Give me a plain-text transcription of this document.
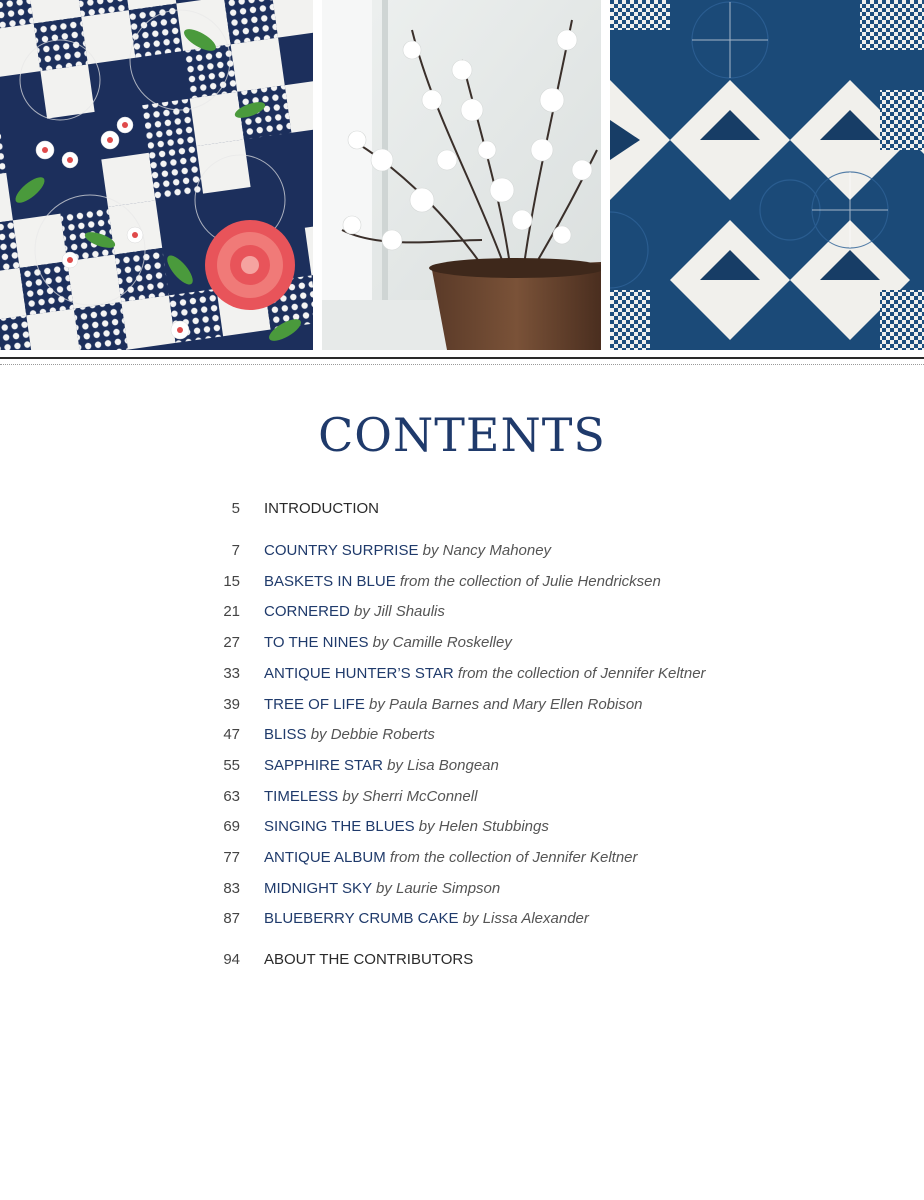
CONTENTS
5 INTRODUCTION
7 COUNTRY SURPRISE by Nancy Mahoney
15 BASKETS IN BLUE from the collection of Julie Hendricksen
21 CORNERED by Jill Shaulis
27 TO THE NINES by Camille Roskelley
33 ANTIQUE HUNTER’S STAR from the collection of Jennifer Keltner
39 TREE OF LIFE by Paula Barnes and Mary Ellen Robison
47 BLISS by Debbie Roberts
55 SAPPHIRE STAR by Lisa Bongean
63 TIMELESS by Sherri McConnell
69 SINGING THE BLUES by Helen Stubbings
77 ANTIQUE ALBUM from the collection of Jennifer Keltner
83 MIDNIGHT SKY by Laurie Simpson
87 BLUEBERRY CRUMB CAKE by Lissa Alexander
94 ABOUT THE CONTRIBUTORS
